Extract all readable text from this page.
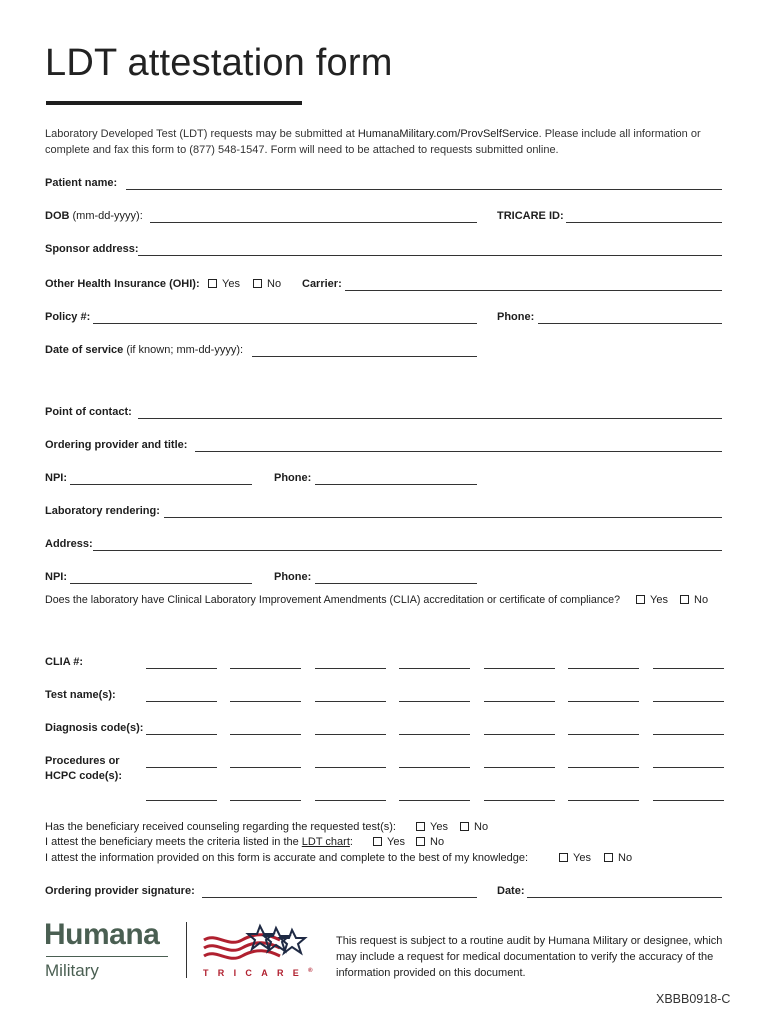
LDT attestation form
Laboratory Developed Test (LDT) requests may be submitted at HumanaMilitary.com/ProvSelfService. Please include all information or complete and fax this form to (877) 548-1547. Form will need to be attached to requests submitted online.
Patient name:
DOB (mm-dd-yyyy):	TRICARE ID:
Sponsor address:
Other Health Insurance (OHI):	Yes	No Carrier:
Policy #:	Phone:
Date of service (if known; mm-dd-yyyy):
Point of contact:
Ordering provider and title:
NPI:	Phone:
Laboratory rendering:
Address:
NPI:	Phone:
Does the laboratory have Clinical Laboratory Improvement Amendments (CLIA) accreditation or certificate of compliance?	Yes	No
CLIA #:
Test name(s):
Diagnosis code(s):
Procedures or
HCPC code(s):
Has the beneficiary received counseling regarding the requested test(s):	Yes	No
I attest the beneficiary meets the criteria listed in the LDT chart:	Yes	No
I attest the information provided on this form is accurate and complete to the best of my knowledge:	Yes	No
Ordering provider signature:	Date:
Humana
Military	TRICARE®
This request is subject to a routine audit by Humana Military or designee, which may include a request for medical documentation to verify the accuracy of the information provided on this document.
XBBB0918-C
